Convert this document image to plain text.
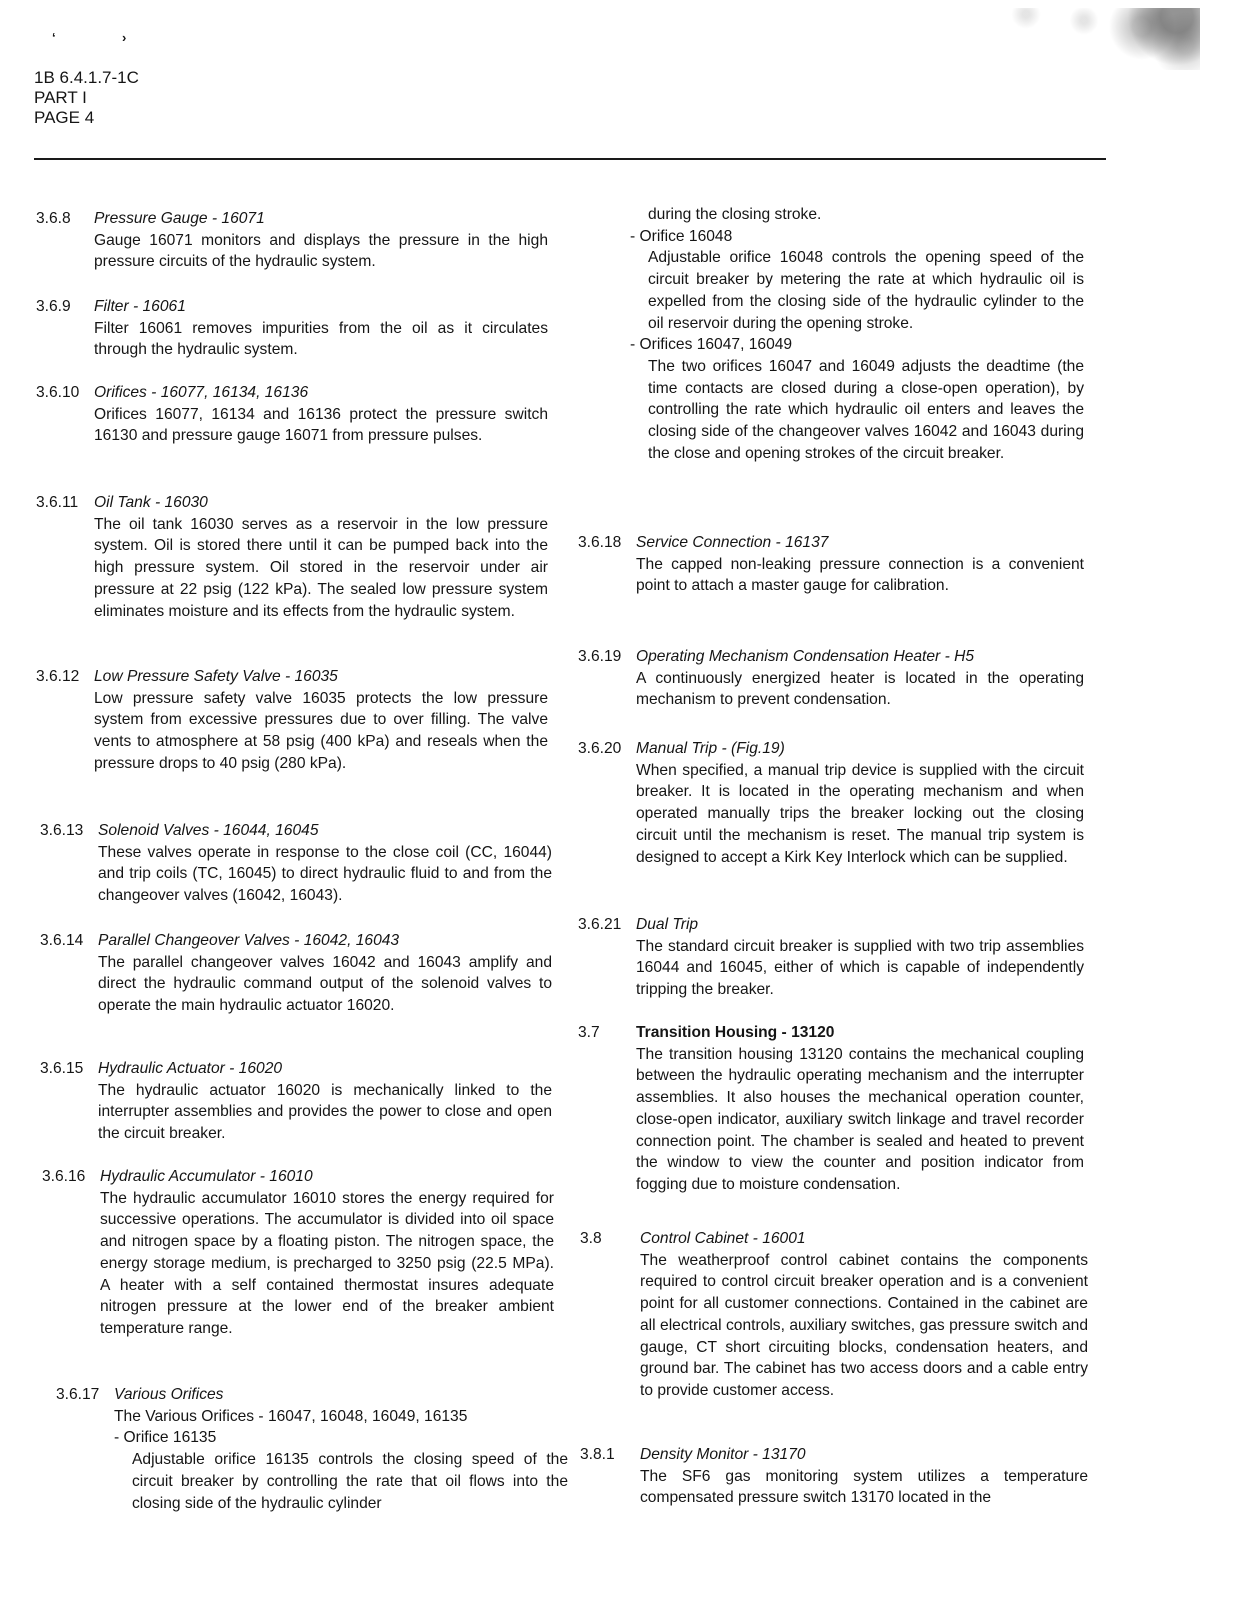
‘	›
1B 6.4.1.7-1C
PART I
PAGE 4
3.6.8 Pressure Gauge - 16071

Gauge 16071 monitors and displays the pressure in the high pressure circuits of the hydraulic system.

3.6.9 Filter - 16061

Filter 16061 removes impurities from the oil as it circulates through the hydraulic system.

3.6.10 Orifices - 16077, 16134, 16136

Orifices 16077, 16134 and 16136 protect the pressure switch 16130 and pressure gauge 16071 from pressure pulses.

3.6.11 Oil Tank - 16030

The oil tank 16030 serves as a reservoir in the low pressure system. Oil is stored there until it can be pumped back into the high pressure system. Oil stored in the reservoir under air pressure at 22 psig (122 kPa). The sealed low pressure system eliminates moisture and its effects from the hydraulic system.

3.6.12 Low Pressure Safety Valve - 16035

Low pressure safety valve 16035 protects the low pressure system from excessive pressures due to over filling. The valve vents to atmosphere at 58 psig (400 kPa) and reseals when the pressure drops to 40 psig (280 kPa).

3.6.13 Solenoid Valves - 16044, 16045

These valves operate in response to the close coil (CC, 16044) and trip coils (TC, 16045) to direct hydraulic fluid to and from the changeover valves (16042, 16043).

3.6.14 Parallel Changeover Valves - 16042, 16043

The parallel changeover valves 16042 and 16043 amplify and direct the hydraulic command output of the solenoid valves to operate the main hydraulic actuator 16020.

3.6.15 Hydraulic Actuator - 16020

The hydraulic actuator 16020 is mechanically linked to the interrupter assemblies and provides the power to close and open the circuit breaker.

3.6.16 Hydraulic Accumulator - 16010

The hydraulic accumulator 16010 stores the energy required for successive operations. The accumulator is divided into oil space and nitrogen space by a floating piston. The nitrogen space, the energy storage medium, is precharged to 3250 psig (22.5 MPa). A heater with a self contained thermostat insures adequate nitrogen pressure at the lower end of the breaker ambient temperature range.

3.6.17 Various Orifices
The Various Orifices - 16047, 16048, 16049, 16135
- Orifice 16135

Adjustable orifice 16135 controls the closing speed of the circuit breaker by controlling the rate that oil flows into the closing side of the hydraulic cylinder

during the closing stroke.
- Orifice 16048

Adjustable orifice 16048 controls the opening speed of the circuit breaker by metering the rate at which hydraulic oil is expelled from the closing side of the hydraulic cylinder to the oil reservoir during the opening stroke.

- Orifices 16047, 16049

The two orifices 16047 and 16049 adjusts the deadtime (the time contacts are closed during a close-open operation), by controlling the rate which hydraulic oil enters and leaves the closing side of the changeover valves 16042 and 16043 during the close and opening strokes of the circuit breaker.

3.6.18 Service Connection - 16137

The capped non-leaking pressure connection is a convenient point to attach a master gauge for calibration.

3.6.19 Operating Mechanism Condensation Heater - H5

A continuously energized heater is located in the operating mechanism to prevent condensation.

3.6.20 Manual Trip - (Fig.19)

When specified, a manual trip device is supplied with the circuit breaker. It is located in the operating mechanism and when operated manually trips the breaker locking out the closing circuit until the mechanism is reset. The manual trip system is designed to accept a Kirk Key Interlock which can be supplied.

3.6.21 Dual Trip

The standard circuit breaker is supplied with two trip assemblies 16044 and 16045, either of which is capable of independently tripping the breaker.

3.7 Transition Housing - 13120

The transition housing 13120 contains the mechanical coupling between the hydraulic operating mechanism and the interrupter assemblies. It also houses the mechanical operation counter, close-open indicator, auxiliary switch linkage and travel recorder connection point. The chamber is sealed and heated to prevent the window to view the counter and position indicator from fogging due to moisture condensation.

3.8 Control Cabinet - 16001

The weatherproof control cabinet contains the components required to control circuit breaker operation and is a convenient point for all customer connections. Contained in the cabinet are all electrical controls, auxiliary switches, gas pressure switch and gauge, CT short circuiting blocks, condensation heaters, and ground bar. The cabinet has two access doors and a cable entry to provide customer access.

3.8.1 Density Monitor - 13170

The SF6 gas monitoring system utilizes a temperature compensated pressure switch 13170 located in the
